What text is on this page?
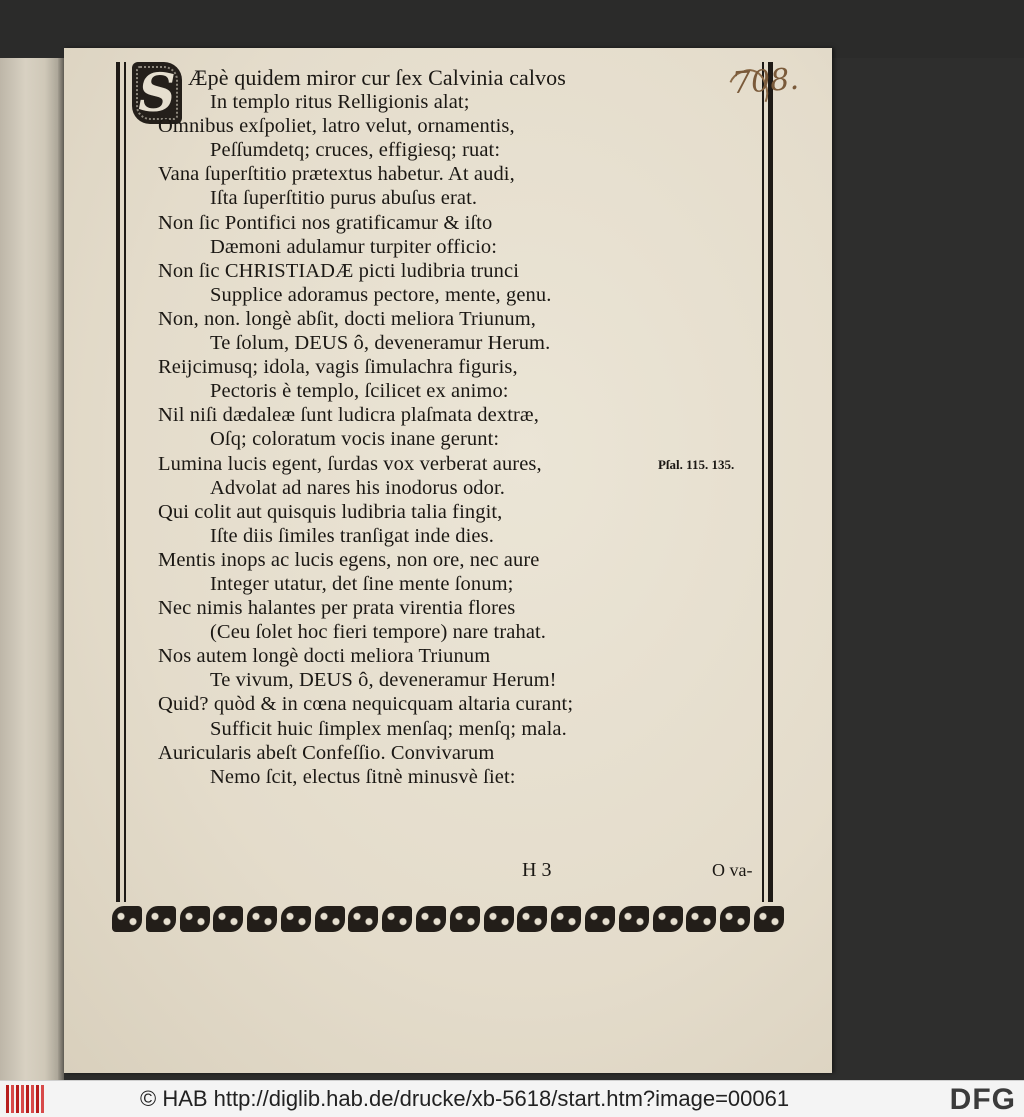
708.
S Æpè quidem miror cur ſex Calvinia calvos
In templo ritus Relligionis alat;
Omnibus exſpoliet, latro velut, ornamentis,
Peſſumdetq; cruces, effigiesq; ruat:
Vana ſuperſtitio prætextus habetur. At audi,
Iſta ſuperſtitio purus abuſus erat.
Non ſic Pontifici nos gratificamur & iſto
Dæmoni adulamur turpiter officio:
Non ſic CHRISTIADÆ picti ludibria trunci
Supplice adoramus pectore, mente, genu.
Non, non. longè abſit, docti meliora Triunum,
Te ſolum, DEUS ô, deveneramur Herum.
Reijcimusq; idola, vagis ſimulachra figuris,
Pectoris è templo, ſcilicet ex animo:
Nil niſi dædaleæ ſunt ludicra plaſmata dextræ,
Oſq; coloratum vocis inane gerunt:
Lumina lucis egent, ſurdas vox verberat aures,
Advolat ad nares his inodorus odor.
Qui colit aut quisquis ludibria talia fingit,
Iſte diis ſimiles tranſigat inde dies.
Mentis inops ac lucis egens, non ore, nec aure
Integer utatur, det ſine mente ſonum;
Nec nimis halantes per prata virentia flores
(Ceu ſolet hoc fieri tempore) nare trahat.
Nos autem longè docti meliora Triunum
Te vivum, DEUS ô, deveneramur Herum!
Quid? quòd & in cœna nequicquam altaria curant;
Sufficit huic ſimplex menſaq; menſq; mala.
Auricularis abeſt Confeſſio. Convivarum
Nemo ſcit, electus ſitnè minusvè ſiet:
Pſal. 115. 135.
H 3	O va-
© HAB http://diglib.hab.de/drucke/xb-5618/start.htm?image=00061	DFG
